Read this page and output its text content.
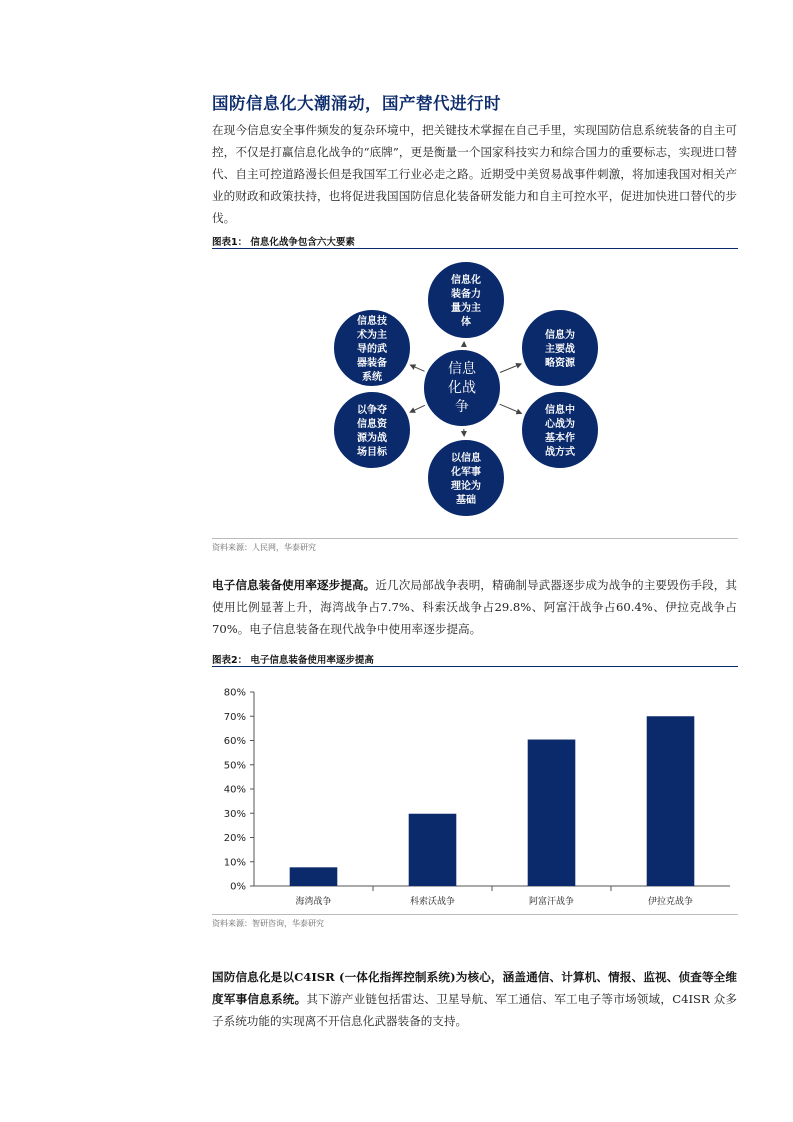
国防信息化大潮涌动，国产替代进行时
在现今信息安全事件频发的复杂环境中，把关键技术掌握在自己手里，实现国防信息系统装备的自主可控，不仅是打赢信息化战争的“底牌”，更是衡量一个国家科技实力和综合国力的重要标志，实现进口替代、自主可控道路漫长但是我国军工行业必走之路。近期受中美贸易战事件刺激，将加速我国对相关产业的财政和政策扶持，也将促进我国国防信息化装备研发能力和自主可控水平，促进加快进口替代的步伐。
图表1： 信息化战争包含六大要素
信息化
装备力
量为主
体
信息为
主要战
略资源
信息中
心战为
基本作
战方式
以信息
化军事
理论为
基础
以争夺
信息资
源为战
场目标
信息技
术为主
导的武
器装备
系统
信息
化战
争
资料来源：人民网，华泰研究
电子信息装备使用率逐步提高。近几次局部战争表明，精确制导武器逐步成为战争的主要毁伤手段，其使用比例显著上升，海湾战争占7.7%、科索沃战争占29.8%、阿富汗战争占60.4%、伊拉克战争占70%。电子信息装备在现代战争中使用率逐步提高。
图表2： 电子信息装备使用率逐步提高
0%
10%
20%
30%
40%
50%
60%
70%
80%
海湾战争	科索沃战争	阿富汗战争	伊拉克战争
资料来源：智研咨询，华泰研究
国防信息化是以C4ISR (一体化指挥控制系统)为核心，涵盖通信、计算机、情报、监视、侦查等全维度军事信息系统。其下游产业链包括雷达、卫星导航、军工通信、军工电子等市场领域，C4ISR 众多子系统功能的实现离不开信息化武器装备的支持。
